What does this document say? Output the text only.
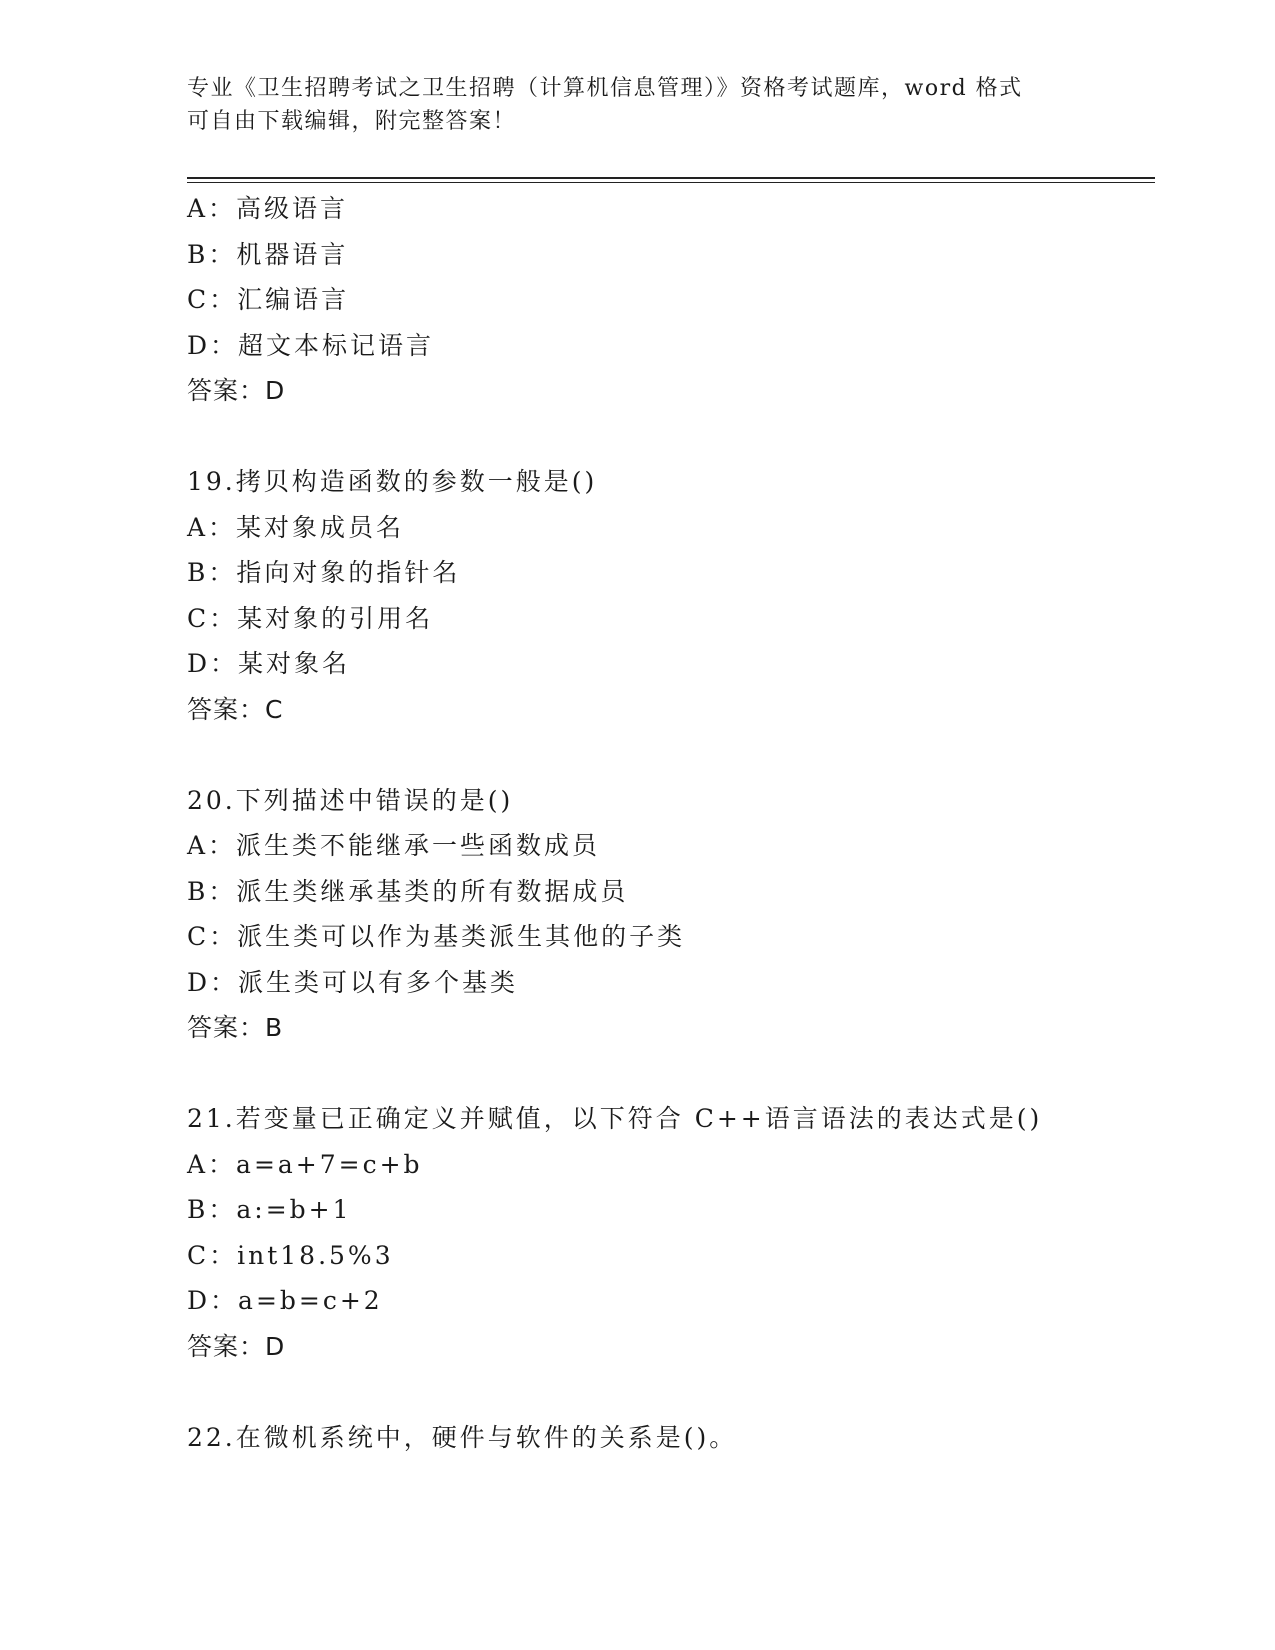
专业《卫生招聘考试之卫生招聘（计算机信息管理）》资格考试题库，word 格式
可自由下载编辑，附完整答案！
A：高级语言
B：机器语言
C：汇编语言
D：超文本标记语言
答案：D
19.拷贝构造函数的参数一般是()
A：某对象成员名
B：指向对象的指针名
C：某对象的引用名
D：某对象名
答案：C
20.下列描述中错误的是()
A：派生类不能继承一些函数成员
B：派生类继承基类的所有数据成员
C：派生类可以作为基类派生其他的子类
D：派生类可以有多个基类
答案：B
21.若变量已正确定义并赋值，以下符合 C++语言语法的表达式是()
A：a=a+7=c+b
B：a:=b+1
C：int18.5%3
D：a=b=c+2
答案：D
22.在微机系统中，硬件与软件的关系是()。
